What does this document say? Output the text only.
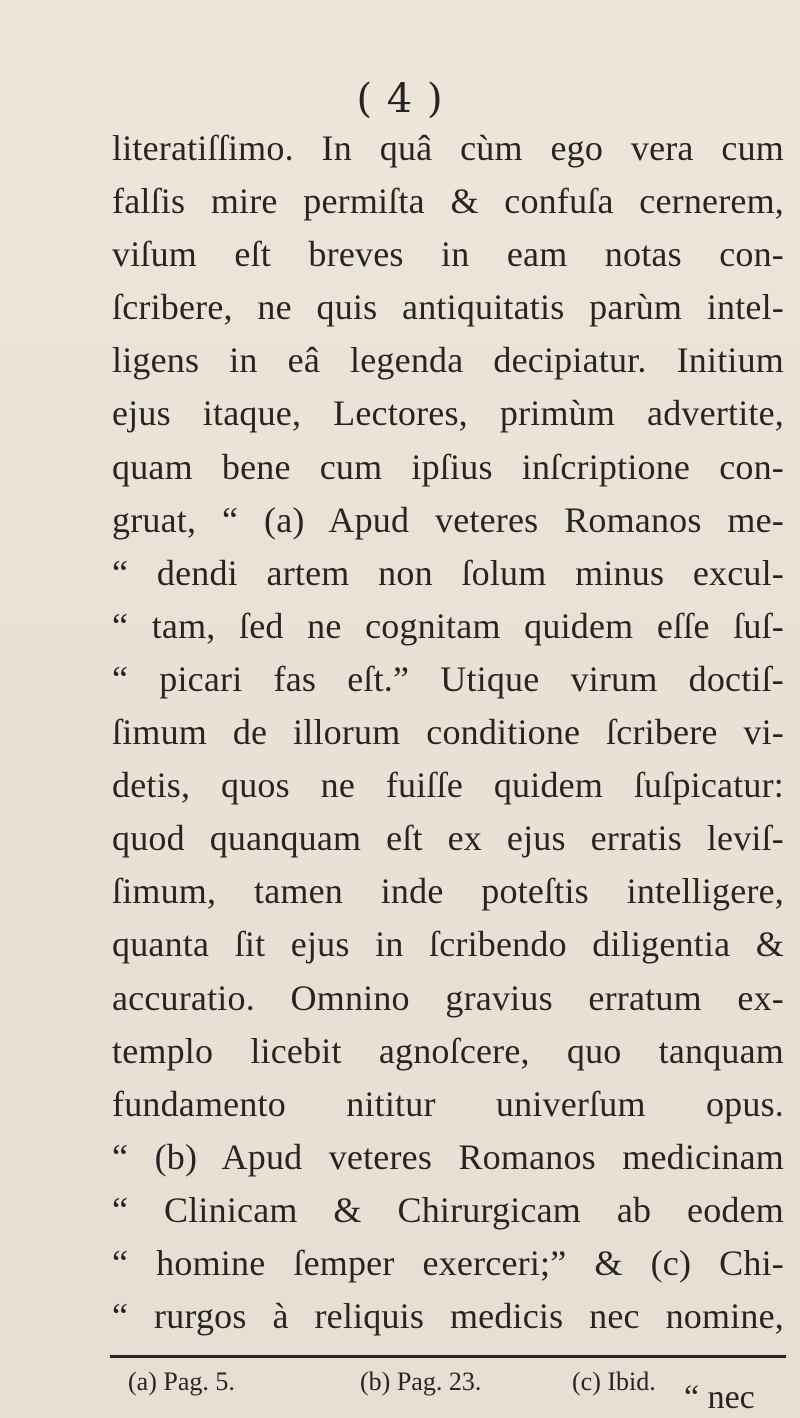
( 4 )
literatiſſimo. In quâ cùm ego vera cum
falſis mire permiſta & confuſa cernerem,
viſum eſt breves in eam notas con-
ſcribere, ne quis antiquitatis parùm intel-
ligens in eâ legenda decipiatur. Initium
ejus itaque, Lectores, primùm advertite,
quam bene cum ipſius inſcriptione con-
gruat, “ (a) Apud veteres Romanos me-
“ dendi artem non ſolum minus excul-
“ tam, ſed ne cognitam quidem eſſe ſuſ-
“ picari fas eſt.” Utique virum doctiſ-
ſimum de illorum conditione ſcribere vi-
detis, quos ne fuiſſe quidem ſuſpicatur:
quod quanquam eſt ex ejus erratis leviſ-
ſimum, tamen inde poteſtis intelligere,
quanta ſit ejus in ſcribendo diligentia &
accuratio. Omnino gravius erratum ex-
templo licebit agnoſcere, quo tanquam
fundamento nititur univerſum opus.
“ (b) Apud veteres Romanos medicinam
“ Clinicam & Chirurgicam ab eodem
“ homine ſemper exerceri;” & (c) Chi-
“ rurgos à reliquis medicis nec nomine,
(a) Pag. 5.	(b) Pag. 23.	(c) Ibid. “ nec
